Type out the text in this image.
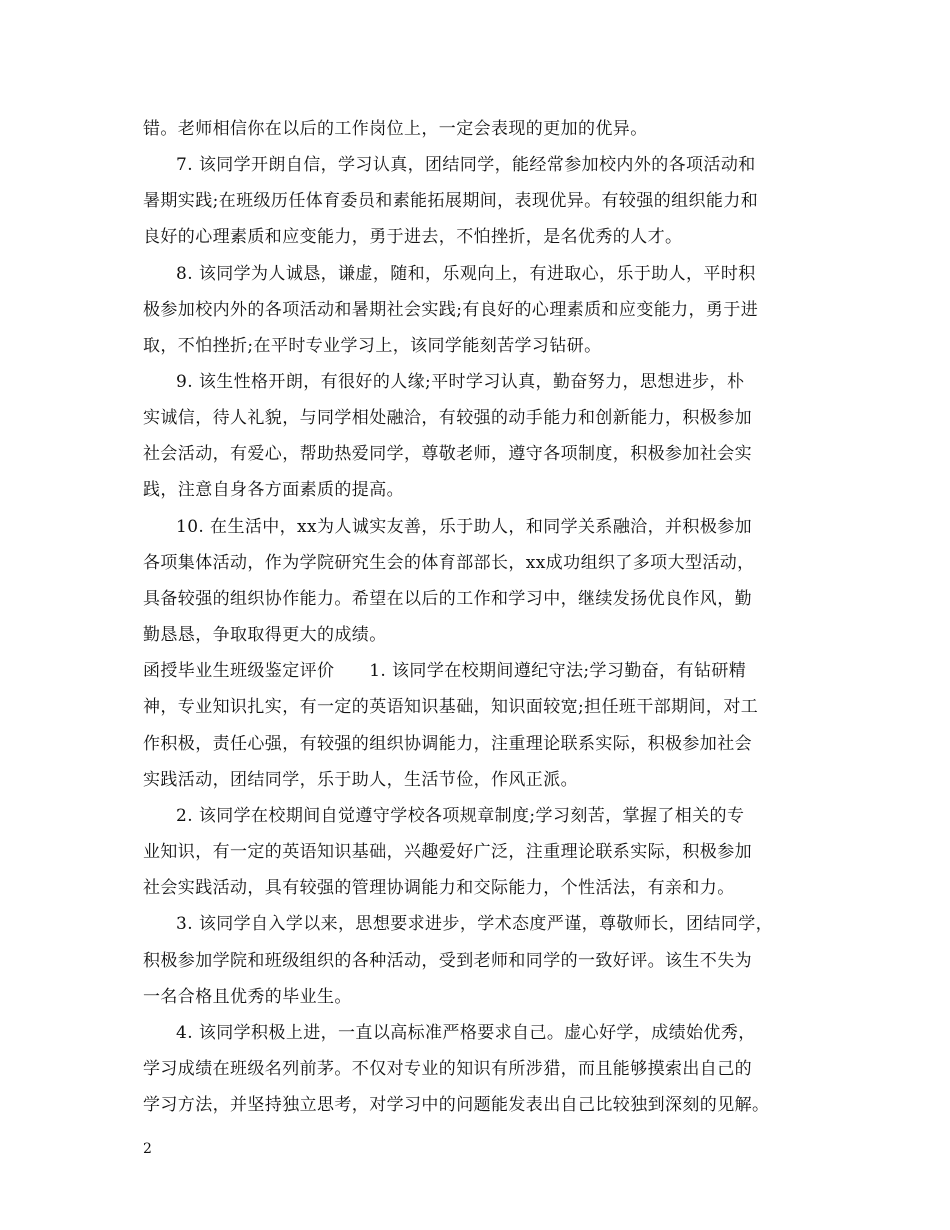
错。老师相信你在以后的工作岗位上，一定会表现的更加的优异。
7. 该同学开朗自信，学习认真，团结同学，能经常参加校内外的各项活动和
暑期实践;在班级历任体育委员和素能拓展期间，表现优异。有较强的组织能力和
良好的心理素质和应变能力，勇于进去，不怕挫折，是名优秀的人才。
8. 该同学为人诚恳，谦虚，随和，乐观向上，有进取心，乐于助人，平时积
极参加校内外的各项活动和暑期社会实践;有良好的心理素质和应变能力，勇于进
取，不怕挫折;在平时专业学习上，该同学能刻苦学习钻研。
9. 该生性格开朗，有很好的人缘;平时学习认真，勤奋努力，思想进步，朴
实诚信，待人礼貌，与同学相处融洽，有较强的动手能力和创新能力，积极参加
社会活动，有爱心，帮助热爱同学，尊敬老师，遵守各项制度，积极参加社会实
践，注意自身各方面素质的提高。
10. 在生活中，xx为人诚实友善，乐于助人，和同学关系融洽，并积极参加
各项集体活动，作为学院研究生会的体育部部长，xx成功组织了多项大型活动，
具备较强的组织协作能力。希望在以后的工作和学习中，继续发扬优良作风，勤
勤恳恳，争取取得更大的成绩。
函授毕业生班级鉴定评价　　1. 该同学在校期间遵纪守法;学习勤奋，有钻研精
神，专业知识扎实，有一定的英语知识基础，知识面较宽;担任班干部期间，对工
作积极，责任心强，有较强的组织协调能力，注重理论联系实际，积极参加社会
实践活动，团结同学，乐于助人，生活节俭，作风正派。
2. 该同学在校期间自觉遵守学校各项规章制度;学习刻苦，掌握了相关的专
业知识，有一定的英语知识基础，兴趣爱好广泛，注重理论联系实际，积极参加
社会实践活动，具有较强的管理协调能力和交际能力，个性活法，有亲和力。
3. 该同学自入学以来，思想要求进步，学术态度严谨，尊敬师长，团结同学，
积极参加学院和班级组织的各种活动，受到老师和同学的一致好评。该生不失为
一名合格且优秀的毕业生。
4. 该同学积极上进，一直以高标准严格要求自己。虚心好学，成绩始优秀，
学习成绩在班级名列前茅。不仅对专业的知识有所涉猎，而且能够摸索出自己的
学习方法，并坚持独立思考，对学习中的问题能发表出自己比较独到深刻的见解。
2
